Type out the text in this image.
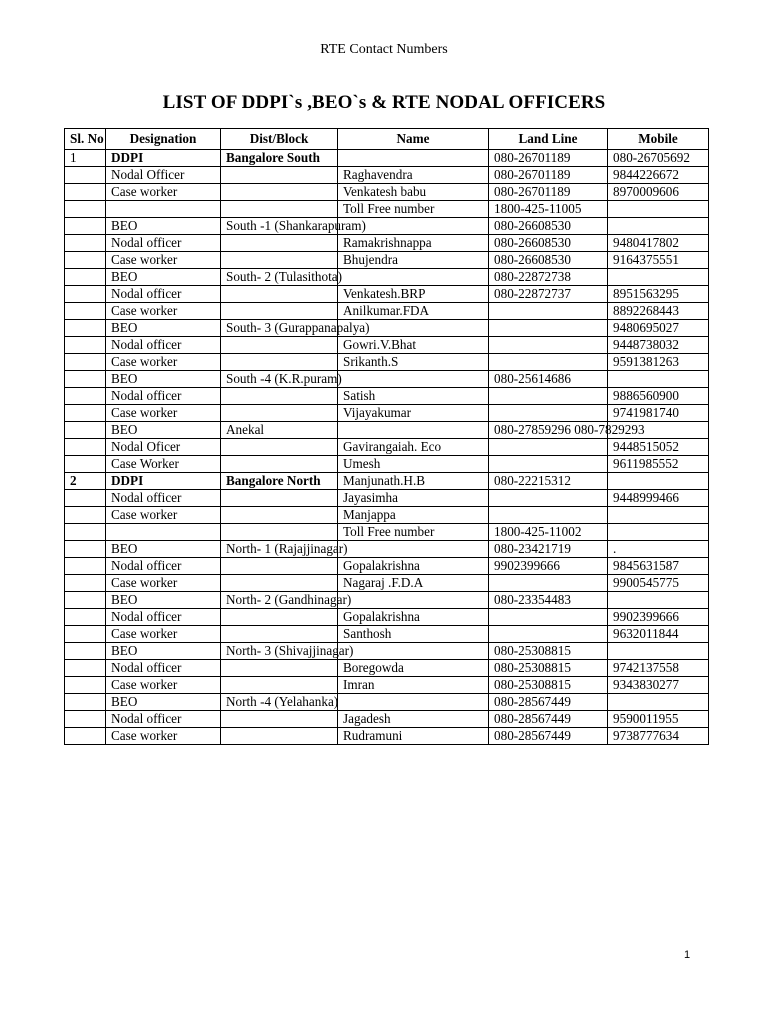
RTE Contact Numbers
LIST OF DDPI`s ,BEO`s & RTE NODAL OFFICERS
Sl. No	Designation	Dist/Block	Name	Land Line	Mobile
1	DDPI	Bangalore South		080-26701189	080-26705692
	Nodal Officer		Raghavendra	080-26701189	9844226672
	Case worker		Venkatesh babu	080-26701189	8970009606
			Toll Free number	1800-425-11005	
	BEO	South -1 (Shankarapuram)		080-26608530	
	Nodal officer		Ramakrishnappa	080-26608530	9480417802
	Case worker		Bhujendra	080-26608530	9164375551
	BEO	South- 2 (Tulasithota)		080-22872738	
	Nodal officer		Venkatesh.BRP	080-22872737	8951563295
	Case worker		Anilkumar.FDA		8892268443
	BEO	South- 3 (Gurappanapalya)			9480695027
	Nodal officer		Gowri.V.Bhat		9448738032
	Case worker		Srikanth.S		9591381263
	BEO	South -4 (K.R.puram)		080-25614686	
	Nodal officer		Satish		9886560900
	Case worker		Vijayakumar		9741981740
	BEO	Anekal		080-27859296 080-7829293	
	Nodal Oficer		Gavirangaiah. Eco		9448515052
	Case Worker		Umesh		9611985552
2	DDPI	Bangalore North	Manjunath.H.B	080-22215312	
	Nodal officer		Jayasimha		9448999466
	Case worker		Manjappa		
			Toll Free number	1800-425-11002	
	BEO	North- 1 (Rajajjinagar)		080-23421719	.
	Nodal officer		Gopalakrishna	9902399666	9845631587
	Case worker		Nagaraj .F.D.A		9900545775
	BEO	North- 2 (Gandhinagar)		080-23354483	
	Nodal officer		Gopalakrishna		9902399666
	Case worker		Santhosh		9632011844
	BEO	North- 3 (Shivajjinagar)		080-25308815	
	Nodal officer		Boregowda	080-25308815	9742137558
	Case worker		Imran	080-25308815	9343830277
	BEO	North -4 (Yelahanka)		080-28567449	
	Nodal officer		Jagadesh	080-28567449	9590011955
	Case worker		Rudramuni	080-28567449	9738777634
1
